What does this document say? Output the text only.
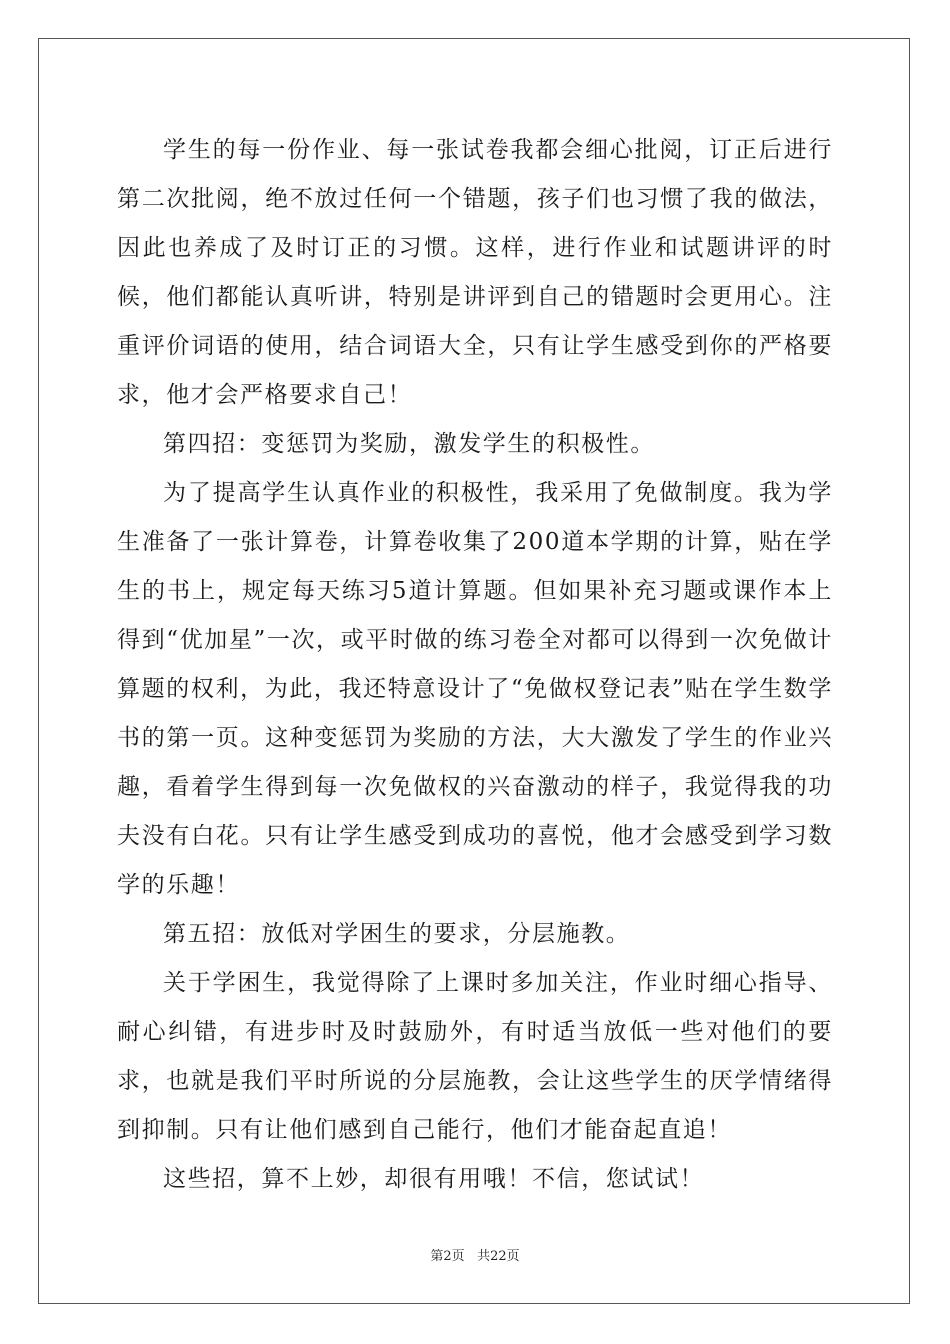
学生的每一份作业、每一张试卷我都会细心批阅，订正后进行第二次批阅，绝不放过任何一个错题，孩子们也习惯了我的做法，因此也养成了及时订正的习惯。这样，进行作业和试题讲评的时候，他们都能认真听讲，特别是讲评到自己的错题时会更用心。注重评价词语的使用，结合词语大全，只有让学生感受到你的严格要求，他才会严格要求自己！

第四招：变惩罚为奖励，激发学生的积极性。

为了提高学生认真作业的积极性，我采用了免做制度。我为学生准备了一张计算卷，计算卷收集了200道本学期的计算，贴在学生的书上，规定每天练习5道计算题。但如果补充习题或课作本上得到“优加星”一次，或平时做的练习卷全对都可以得到一次免做计算题的权利，为此，我还特意设计了“免做权登记表”贴在学生数学书的第一页。这种变惩罚为奖励的方法，大大激发了学生的作业兴趣，看着学生得到每一次免做权的兴奋激动的样子，我觉得我的功夫没有白花。只有让学生感受到成功的喜悦，他才会感受到学习数学的乐趣！

第五招：放低对学困生的要求，分层施教。

关于学困生，我觉得除了上课时多加关注，作业时细心指导、耐心纠错，有进步时及时鼓励外，有时适当放低一些对他们的要求，也就是我们平时所说的分层施教，会让这些学生的厌学情绪得到抑制。只有让他们感到自己能行，他们才能奋起直追！

这些招，算不上妙，却很有用哦！不信，您试试！

第2页 共22页
